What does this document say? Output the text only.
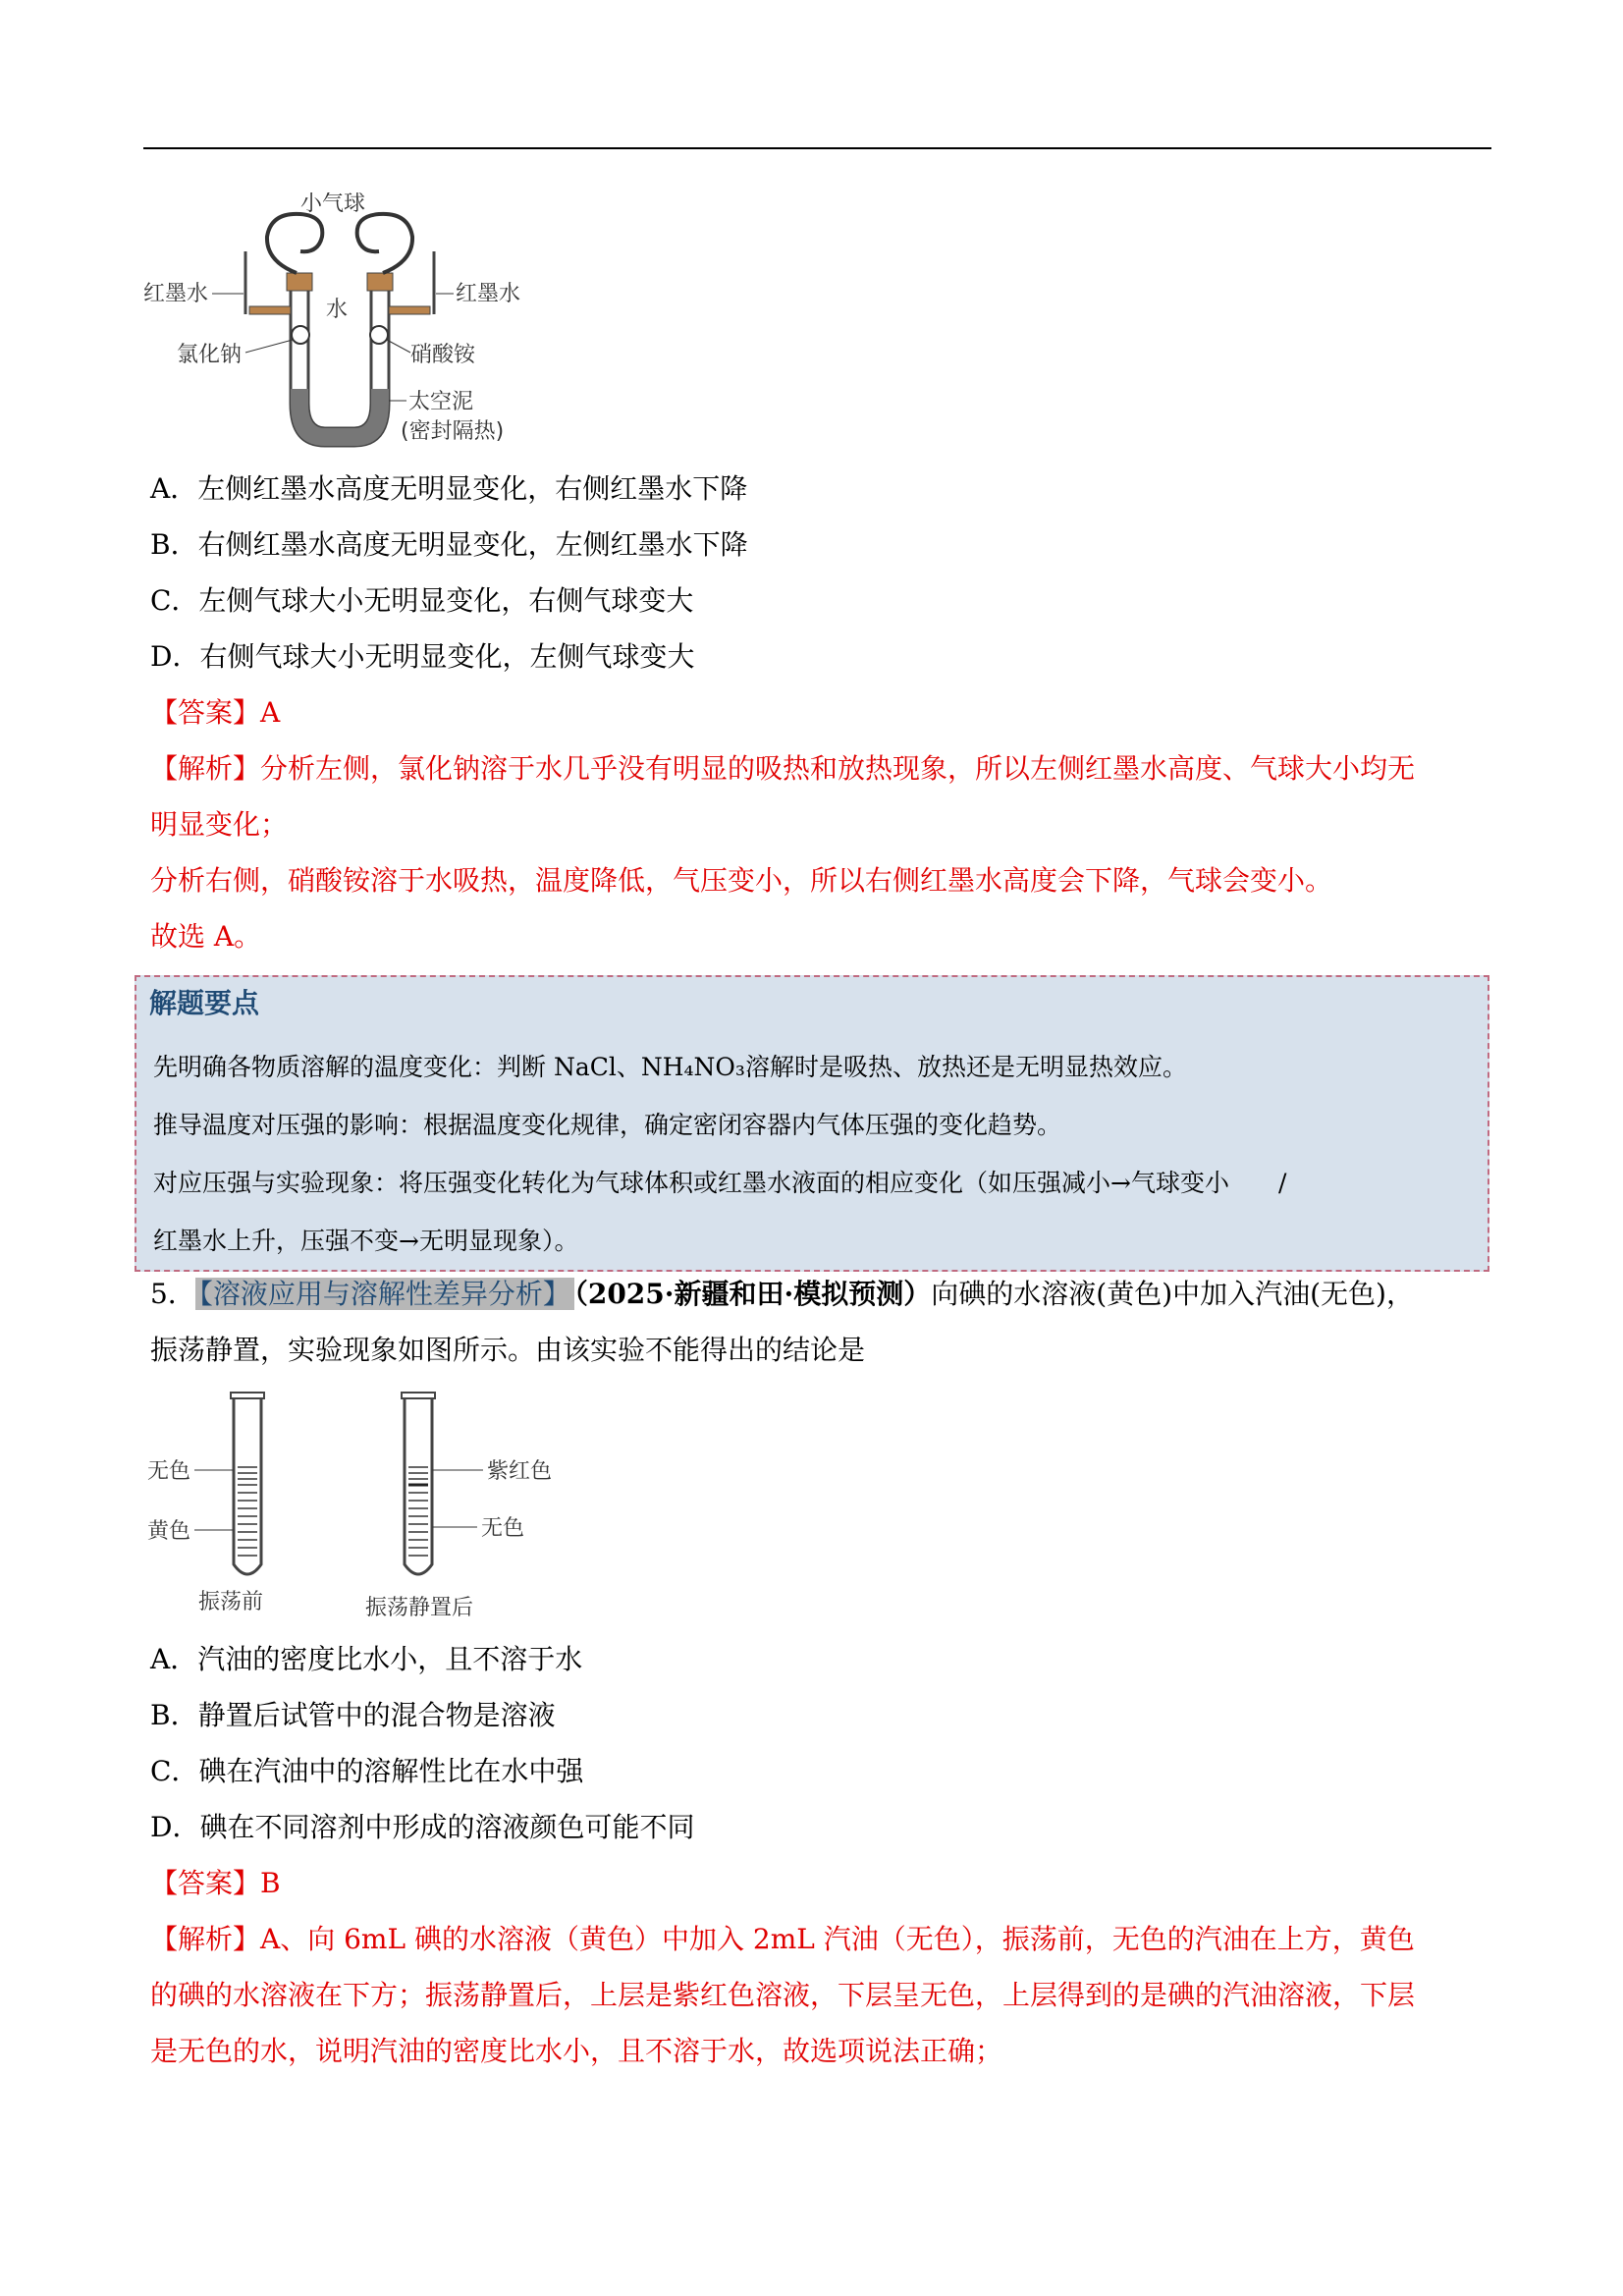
小气球
红墨水	红墨水
水
氯化钠	硝酸铵
太空泥
(密封隔热)
A．左侧红墨水高度无明显变化，右侧红墨水下降
B．右侧红墨水高度无明显变化，左侧红墨水下降
C．左侧气球大小无明显变化，右侧气球变大
D．右侧气球大小无明显变化，左侧气球变大
【答案】A
【解析】分析左侧，氯化钠溶于水几乎没有明显的吸热和放热现象，所以左侧红墨水高度、气球大小均无
明显变化；
分析右侧，硝酸铵溶于水吸热，温度降低，气压变小，所以右侧红墨水高度会下降，气球会变小。
故选 A。
解题要点
先明确各物质溶解的温度变化：判断 NaCl、NH₄NO₃溶解时是吸热、放热还是无明显热效应。
推导温度对压强的影响：根据温度变化规律，确定密闭容器内气体压强的变化趋势。
对应压强与实验现象：将压强变化转化为气球体积或红墨水液面的相应变化（如压强减小→气球变小　　/
红墨水上升，压强不变→无明显现象）。
5． 【溶液应用与溶解性差异分析】 （2025·新疆和田·模拟预测）向碘的水溶液(黄色)中加入汽油(无色)，
振荡静置，实验现象如图所示。由该实验不能得出的结论是
无色
黄色
紫红色
无色
振荡前	振荡静置后
A．汽油的密度比水小，且不溶于水
B．静置后试管中的混合物是溶液
C．碘在汽油中的溶解性比在水中强
D．碘在不同溶剂中形成的溶液颜色可能不同
【答案】B
【解析】A、向 6mL 碘的水溶液（黄色）中加入 2mL 汽油（无色），振荡前，无色的汽油在上方，黄色
的碘的水溶液在下方；振荡静置后，上层是紫红色溶液，下层呈无色，上层得到的是碘的汽油溶液，下层
是无色的水，说明汽油的密度比水小，且不溶于水，故选项说法正确；
